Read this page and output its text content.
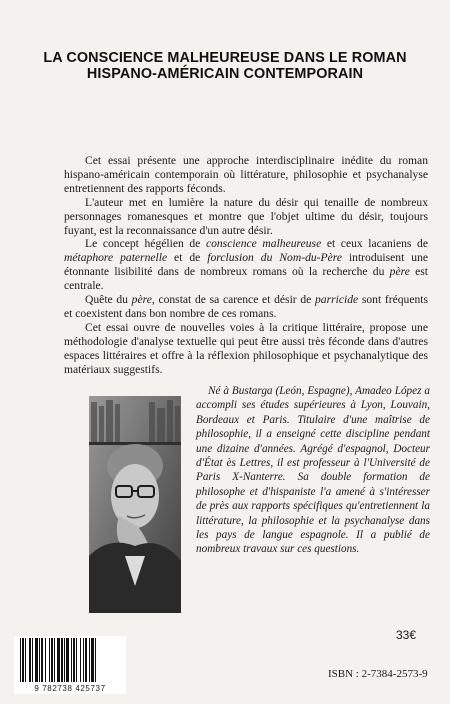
LA CONSCIENCE MALHEUREUSE DANS LE ROMAN
HISPANO-AMÉRICAIN CONTEMPORAIN

Cet essai présente une approche interdisciplinaire inédite du roman hispano-américain contemporain où littérature, philosophie et psychanalyse entretiennent des rapports féconds.

L'auteur met en lumière la nature du désir qui tenaille de nombreux personnages romanesques et montre que l'objet ultime du désir, toujours fuyant, est la reconnaissance d'un autre désir.

Le concept hégélien de conscience malheureuse et ceux lacaniens de métaphore paternelle et de forclusion du Nom-du-Père introduisent une étonnante lisibilité dans de nombreux romans où la recherche du père est centrale.

Quête du père, constat de sa carence et désir de parricide sont fréquents et coexistent dans bon nombre de ces romans.

Cet essai ouvre de nouvelles voies à la critique littéraire, propose une méthodologie d'analyse textuelle qui peut être aussi très féconde dans d'autres espaces littéraires et offre à la réflexion philosophique et psychanalytique des matériaux suggestifs.

Né à Bustarga (León, Espagne), Amadeo López a accompli ses études supérieures à Lyon, Louvain, Bordeaux et Paris. Titulaire d'une maîtrise de philosophie, il a enseigné cette discipline pendant une dizaine d'années. Agrégé d'espagnol, Docteur d'État ès Lettres, il est professeur à l'Université de Paris X-Nanterre. Sa double formation de philosophe et d'hispaniste l'a amené à s'intéresser de près aux rapports spécifiques qu'entretiennent la littérature, la philosophie et la psychanalyse dans les pays de langue espagnole. Il a publié de nombreux travaux sur ces questions.
33€
9 782738 425737
ISBN : 2-7384-2573-9
